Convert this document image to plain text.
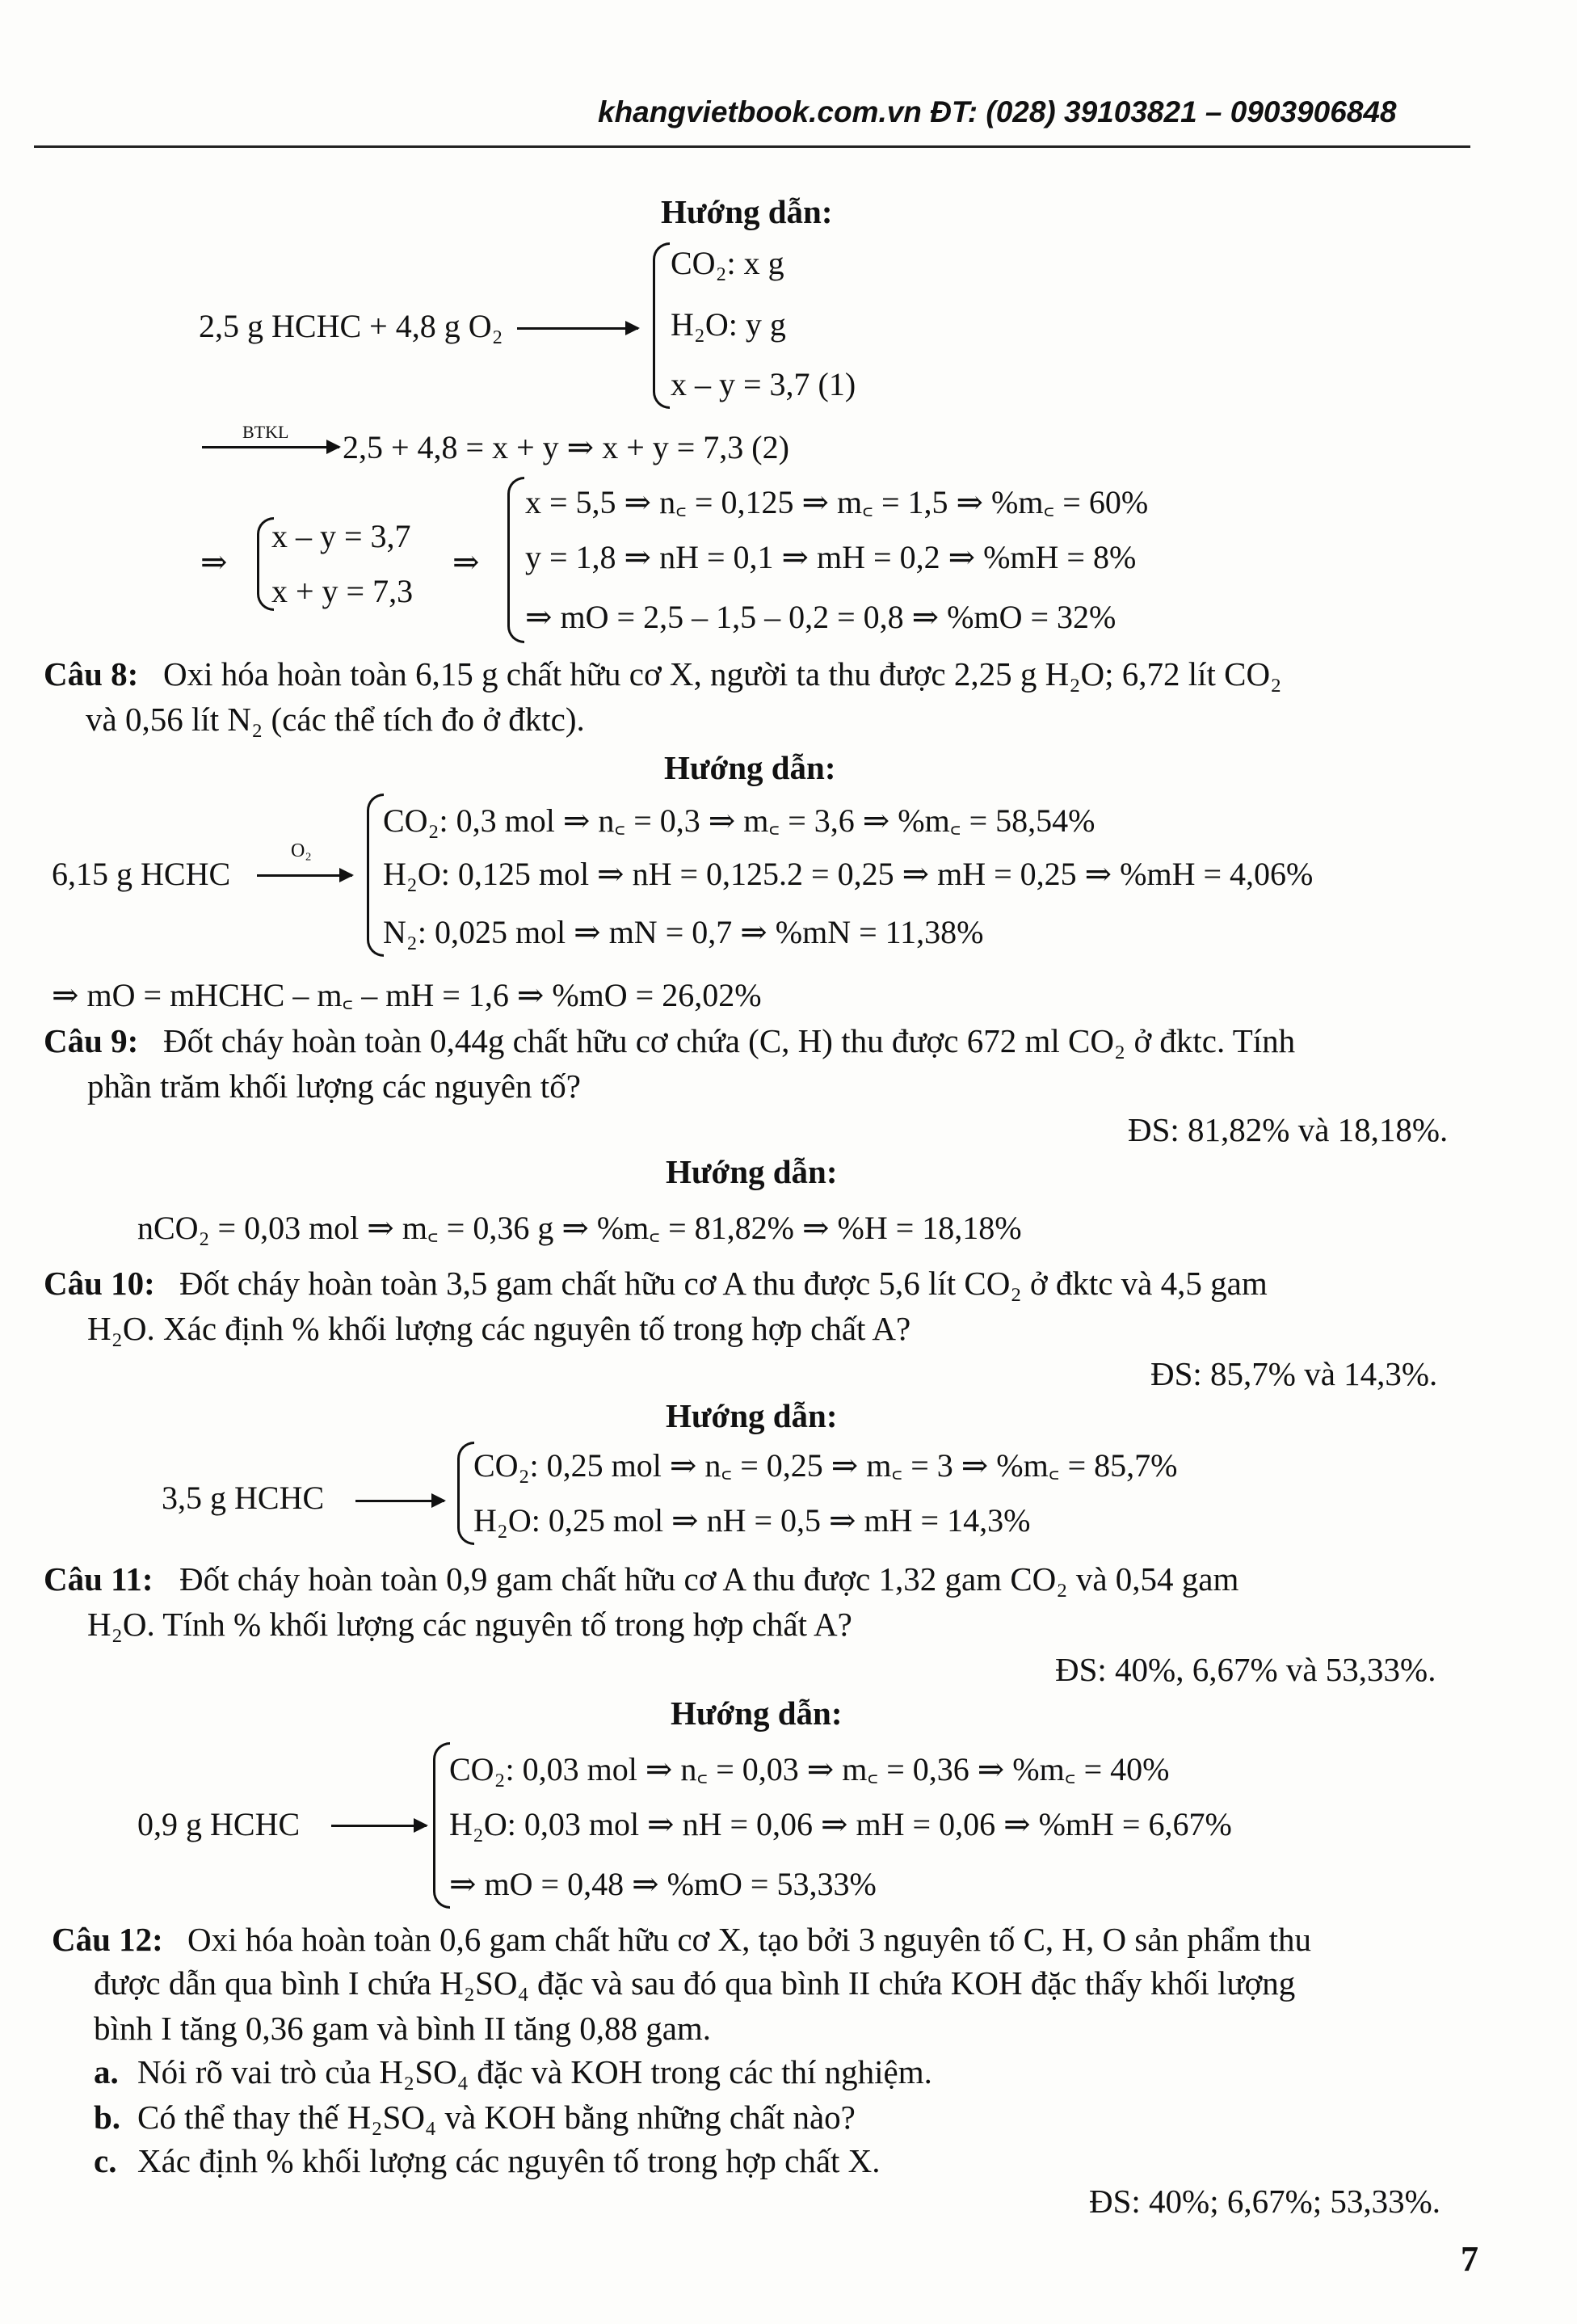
khangvietbook.com.vn ĐT: (028) 39103821 – 0903906848
Hướng dẫn:
2,5 g HCHC + 4,8 g O₂
CO₂: x g
H₂O: y g
x – y = 3,7 (1)
BTKL 2,5 + 4,8 = x + y ⇒ x + y = 7,3 (2)
⇒
x – y = 3,7
x + y = 7,3
⇒
x = 5,5 ⇒ n꜀ = 0,125 ⇒ m꜀ = 1,5 ⇒ %m꜀ = 60%
y = 1,8 ⇒ nH = 0,1 ⇒ mH = 0,2 ⇒ %mH = 8%
⇒ mO = 2,5 – 1,5 – 0,2 = 0,8 ⇒ %mO = 32%
Câu 8: Oxi hóa hoàn toàn 6,15 g chất hữu cơ X, người ta thu được 2,25 g H₂O; 6,72 lít CO₂
và 0,56 lít N₂ (các thể tích đo ở đktc).
Hướng dẫn:
6,15 g HCHC
O₂
CO₂: 0,3 mol ⇒ n꜀ = 0,3 ⇒ m꜀ = 3,6 ⇒ %m꜀ = 58,54%
H₂O: 0,125 mol ⇒ nH = 0,125.2 = 0,25 ⇒ mH = 0,25 ⇒ %mH = 4,06%
N₂: 0,025 mol ⇒ mN = 0,7 ⇒ %mN = 11,38%
⇒ mO = mHCHC – m꜀ – mH = 1,6 ⇒ %mO = 26,02%
Câu 9: Đốt cháy hoàn toàn 0,44g chất hữu cơ chứa (C, H) thu được 672 ml CO₂ ở đktc. Tính
phần trăm khối lượng các nguyên tố?
ĐS: 81,82% và 18,18%.
Hướng dẫn:
nCO₂ = 0,03 mol ⇒ m꜀ = 0,36 g ⇒ %m꜀ = 81,82% ⇒ %H = 18,18%
Câu 10: Đốt cháy hoàn toàn 3,5 gam chất hữu cơ A thu được 5,6 lít CO₂ ở đktc và 4,5 gam
H₂O. Xác định % khối lượng các nguyên tố trong hợp chất A?
ĐS: 85,7% và 14,3%.
Hướng dẫn:
3,5 g HCHC
CO₂: 0,25 mol ⇒ n꜀ = 0,25 ⇒ m꜀ = 3 ⇒ %m꜀ = 85,7%
H₂O: 0,25 mol ⇒ nH = 0,5 ⇒ mH = 14,3%
Câu 11: Đốt cháy hoàn toàn 0,9 gam chất hữu cơ A thu được 1,32 gam CO₂ và 0,54 gam
H₂O. Tính % khối lượng các nguyên tố trong hợp chất A?
ĐS: 40%, 6,67% và 53,33%.
Hướng dẫn:
0,9 g HCHC
CO₂: 0,03 mol ⇒ n꜀ = 0,03 ⇒ m꜀ = 0,36 ⇒ %m꜀ = 40%
H₂O: 0,03 mol ⇒ nH = 0,06 ⇒ mH = 0,06 ⇒ %mH = 6,67%
⇒ mO = 0,48 ⇒ %mO = 53,33%
Câu 12: Oxi hóa hoàn toàn 0,6 gam chất hữu cơ X, tạo bởi 3 nguyên tố C, H, O sản phẩm thu
được dẫn qua bình I chứa H₂SO₄ đặc và sau đó qua bình II chứa KOH đặc thấy khối lượng
bình I tăng 0,36 gam và bình II tăng 0,88 gam.
a. Nói rõ vai trò của H₂SO₄ đặc và KOH trong các thí nghiệm.
b. Có thể thay thế H₂SO₄ và KOH bằng những chất nào?
c. Xác định % khối lượng các nguyên tố trong hợp chất X.
ĐS: 40%; 6,67%; 53,33%.
7
